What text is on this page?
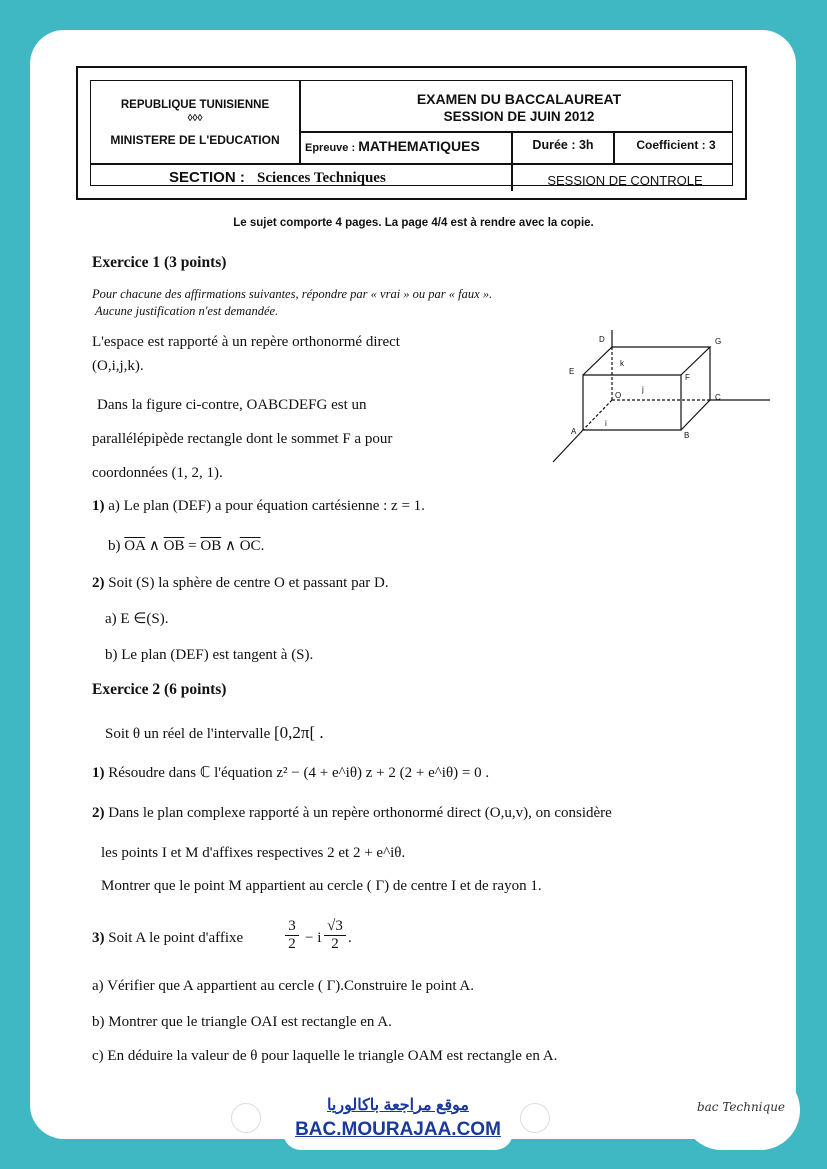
REPUBLIQUE TUNISIENNE
◊◊◊
MINISTERE DE L'EDUCATION
EXAMEN DU BACCALAUREAT
SESSION DE JUIN 2012
Epreuve : MATHEMATIQUES	Durée : 3h	Coefficient : 3
SECTION : Sciences Techniques	SESSION DE CONTROLE
Le sujet comporte 4 pages. La page 4/4 est à rendre avec la copie.
Exercice 1 (3 points)
Pour chacune des affirmations suivantes, répondre par « vrai » ou par « faux ».
Aucune justification n'est demandée.
L'espace est rapporté à un repère orthonormé direct
(O,i,j,k).
Dans la figure ci-contre, OABCDEFG est un
parallélépipède rectangle dont le sommet F a pour
coordonnées (1, 2, 1).
1) a) Le plan (DEF) a pour équation cartésienne : z = 1.
b) $\overline{OA}$ ∧ $\overline{OB} = \overline{OB}$ ∧ $\overline{OC}$.
2) Soit (S) la sphère de centre O et passant par D.
a) E ∈(S).
b) Le plan (DEF) est tangent à (S).
D	G
E
F
O	C
A	B
k
j
i
Exercice 2 (6 points)
Soit θ un réel de l'intervalle [0,2π[ .
1) Résoudre dans ℂ l'équation z² − (4 + e^iθ) z + 2 (2 + e^iθ) = 0 .
2) Dans le plan complexe rapporté à un repère orthonormé direct (O,u,v), on considère
les points I et M d'affixes respectives 2 et 2 + e^iθ.
Montrer que le point M appartient au cercle ( Γ) de centre I et de rayon 1.
3) Soit A le point d'affixe
3
2 − i
√3
2 .
a) Vérifier que A appartient au cercle ( Γ).Construire le point A.
b) Montrer que le triangle OAI est rectangle en A.
c) En déduire la valeur de θ pour laquelle le triangle OAM est rectangle en A.
موقع مراجعة باكالوريا
BAC.MOURAJAA.COM
bac Technique
